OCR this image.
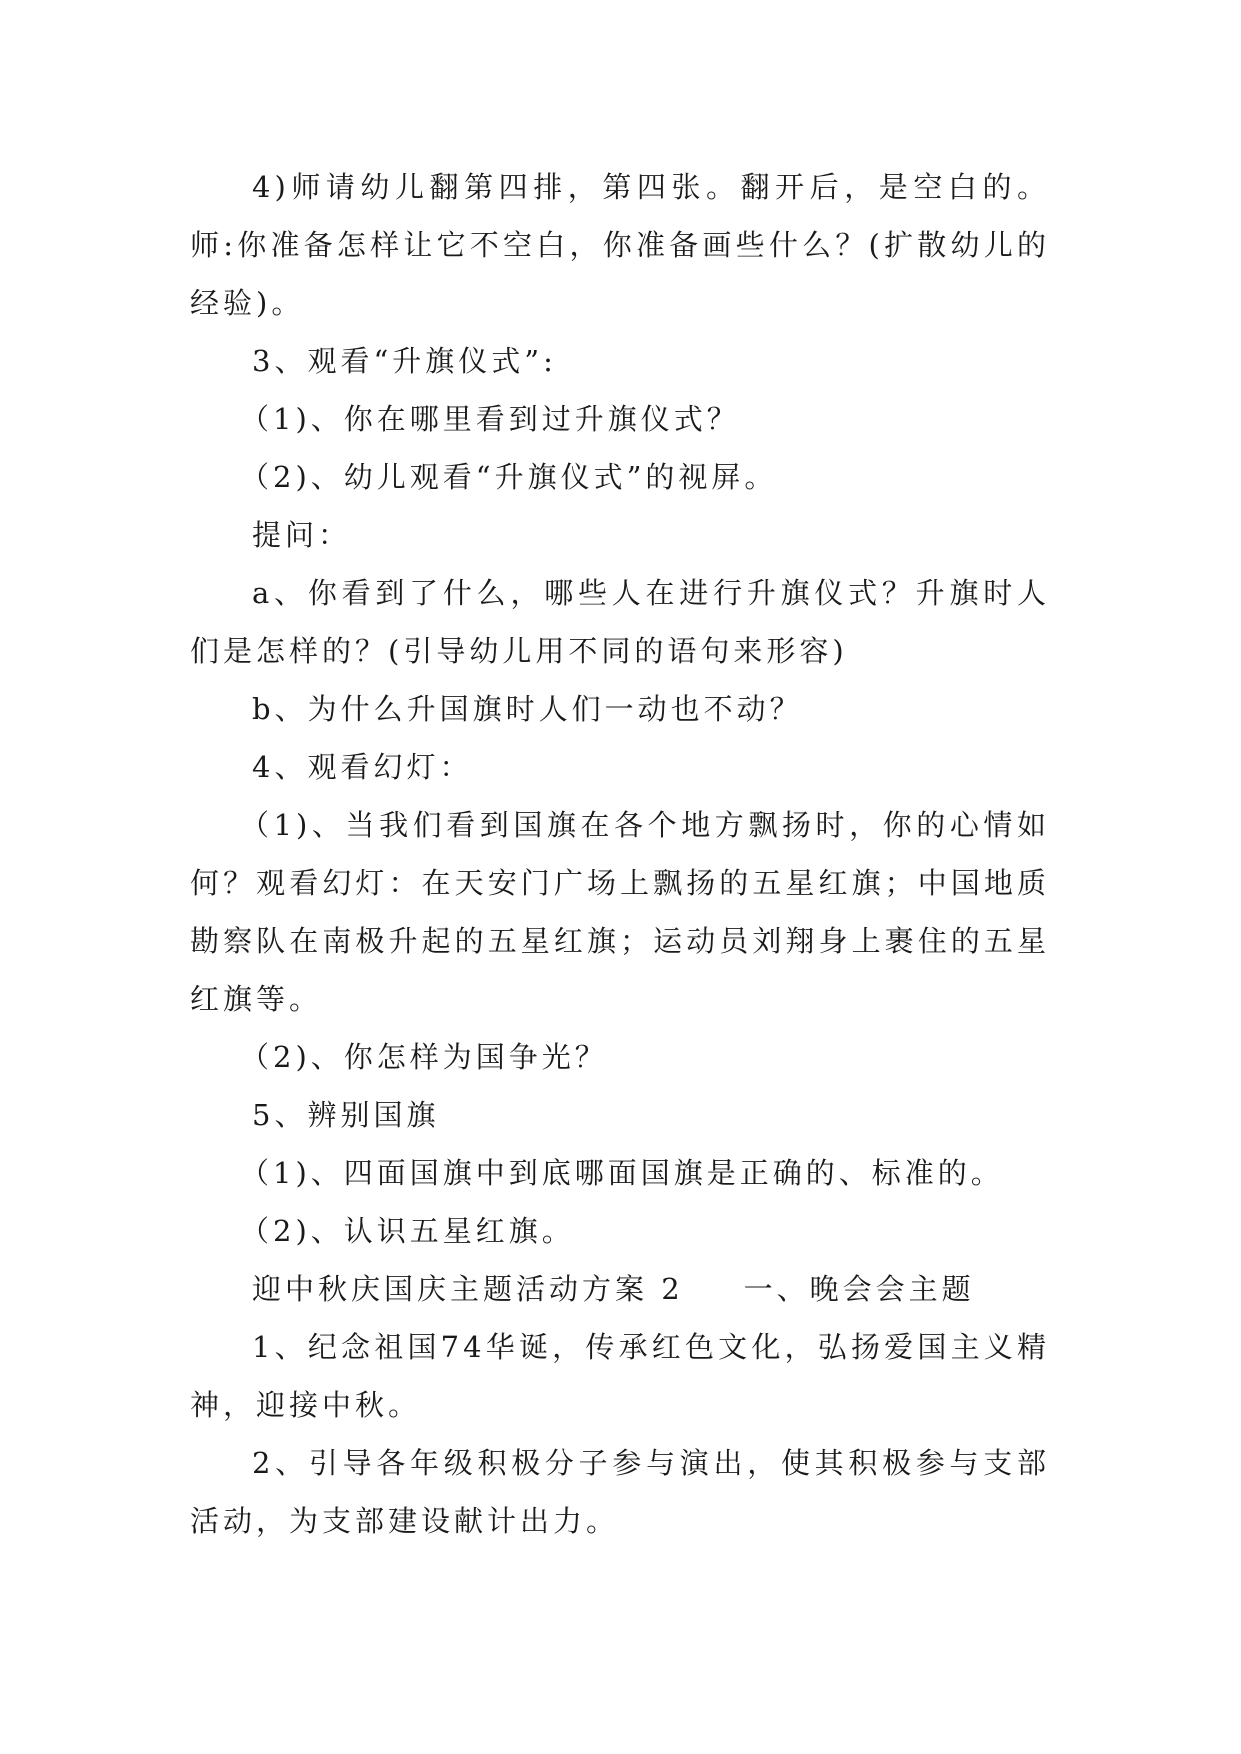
4)师请幼儿翻第四排，第四张。翻开后，是空白的。师:你准备怎样让它不空白，你准备画些什么？(扩散幼儿的经验)。

3、观看“升旗仪式”:

（1)、你在哪里看到过升旗仪式？

（2)、幼儿观看“升旗仪式”的视屏。

提问：

a、你看到了什么，哪些人在进行升旗仪式？升旗时人们是怎样的？(引导幼儿用不同的语句来形容)

b、为什么升国旗时人们一动也不动？

4、观看幻灯：

（1)、当我们看到国旗在各个地方飘扬时，你的心情如何？观看幻灯：在天安门广场上飘扬的五星红旗；中国地质勘察队在南极升起的五星红旗；运动员刘翔身上裹住的五星红旗等。

（2)、你怎样为国争光？

5、辨别国旗

（1)、四面国旗中到底哪面国旗是正确的、标准的。

（2)、认识五星红旗。

迎中秋庆国庆主题活动方案 2 一、晚会会主题

1、纪念祖国74华诞，传承红色文化，弘扬爱国主义精神，迎接中秋。

2、引导各年级积极分子参与演出，使其积极参与支部活动，为支部建设献计出力。
